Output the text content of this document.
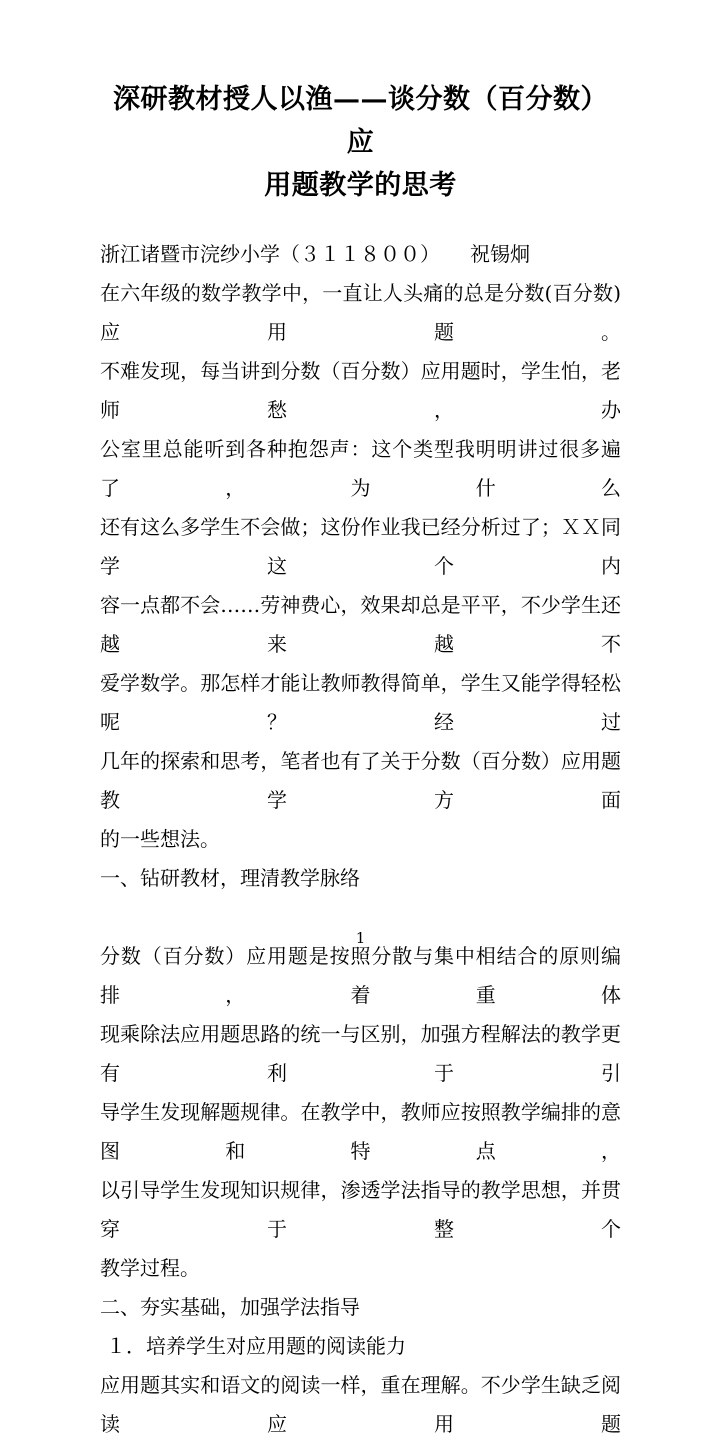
深研教材授人以渔——谈分数（百分数）应
用题教学的思考
浙江诸暨市浣纱小学（３１１８００）　　祝锡炯
在六年级的数学教学中，一直让人头痛的总是分数(百分数)应用题。
不难发现，每当讲到分数（百分数）应用题时，学生怕，老师愁，办
公室里总能听到各种抱怨声：这个类型我明明讲过很多遍了，为什么
还有这么多学生不会做；这份作业我已经分析过了；ＸＸ同学这个内
容一点都不会……劳神费心，效果却总是平平，不少学生还越来越不
爱学数学。那怎样才能让教师教得简单，学生又能学得轻松呢？经过
几年的探索和思考，笔者也有了关于分数（百分数）应用题教学方面
的一些想法。
一、钻研教材，理清教学脉络
分数（百分数）应用题是按照分散与集中相结合的原则编排，着重体
现乘除法应用题思路的统一与区别，加强方程解法的教学更有利于引
导学生发现解题规律。在教学中，教师应按照教学编排的意图和特点，
以引导学生发现知识规律，渗透学法指导的教学思想，并贯穿于整个
教学过程。
二、夯实基础，加强学法指导
１．培养学生对应用题的阅读能力
应用题其实和语文的阅读一样，重在理解。不少学生缺乏阅读应用题
1
